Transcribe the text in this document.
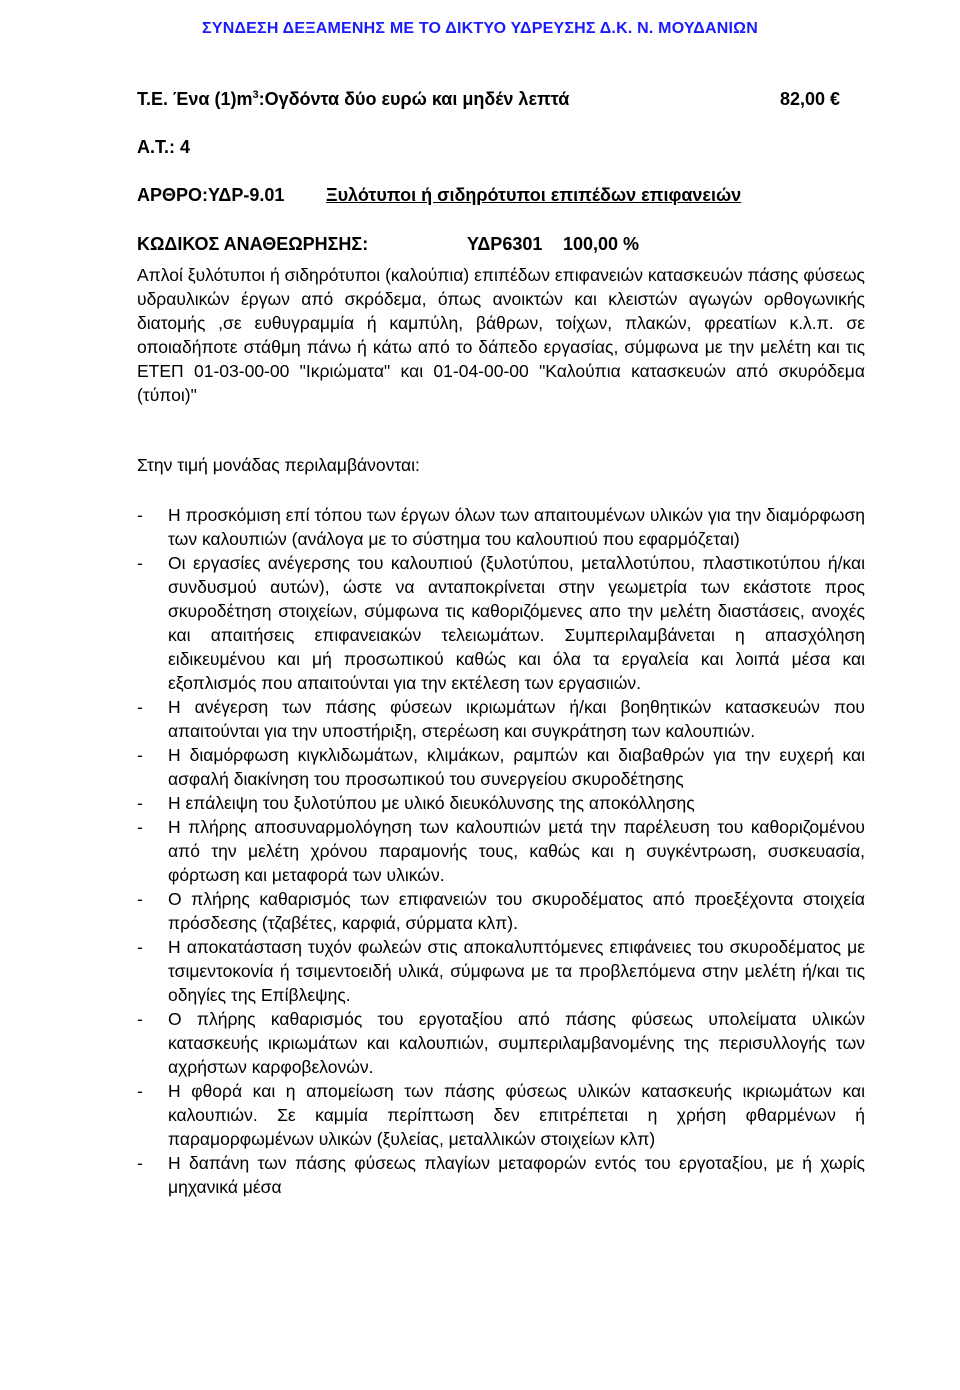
ΣΥΝΔΕΣΗ ΔΕΞΑΜΕΝΗΣ ΜΕ ΤΟ ΔΙΚΤΥΟ ΥΔΡΕΥΣΗΣ Δ.Κ. Ν. ΜΟΥΔΑΝΙΩΝ
Τ.Ε. Ένα $(1)m^3:O\gamma\delta ό\nu\tau\alpha$ δύο ευρώ και μηδέν λεπτά	82,00 €
Α.Τ.: 4
ΑΡΘΡΟ:ΥΔΡ-9.01 Ξυλότυποι ή σιδηρότυποι επιπέδων επιφανειών
ΚΩΔΙΚΟΣ ΑΝΑΘΕΩΡΗΣΗΣ:	ΥΔΡ6301 100,00 %
Απλοί ξυλότυποι ή σιδηρότυποι (καλούπια) επιπέδων επιφανειών κατασκευών πάσης φύσεως υδραυλικών έργων από σκρόδεμα, όπως ανοικτών και κλειστών αγωγών ορθογωνικής διατομής ,σε ευθυγραμμία ή καμπύλη, βάθρων, τοίχων, πλακών, φρεατίων κ.λ.π. σε οποιαδήποτε στάθμη πάνω ή κάτω από το δάπεδο εργασίας, σύμφωνα με την μελέτη και τις ΕΤΕΠ 01-03-00-00 "Ικριώματα" και 01-04-00-00 "Καλούπια κατασκευών από σκυρόδεμα (τύποι)"
Στην τιμή μονάδας περιλαμβάνονται:
- Η προσκόμιση επί τόπου των έργων όλων των απαιτουμένων υλικών για την διαμόρφωση των καλουπιών (ανάλογα με το σύστημα του καλουπιού που εφαρμόζεται)
- Οι εργασίες ανέγερσης του καλουπιού (ξυλοτύπου, μεταλλοτύπου, πλαστικοτύπου ή/και συνδυσμού αυτών), ώστε να ανταποκρίνεται στην γεωμετρία των εκάστοτε προς σκυροδέτηση στοιχείων, σύμφωνα τις καθοριζόμενες απο την μελέτη διαστάσεις, ανοχές και απαιτήσεις επιφανειακών τελειωμάτων. Συμπεριλαμβάνεται η απασχόληση ειδικευμένου και μή προσωπικού καθώς και όλα τα εργαλεία και λοιπά μέσα και εξοπλισμός που απαιτούνται για την εκτέλεση των εργασιιών.
- Η ανέγερση των πάσης φύσεων ικριωμάτων ή/και βοηθητικών κατασκευών που απαιτούνται για την υποστήριξη, στερέωση και συγκράτηση των καλουπιών.
- Η διαμόρφωση κιγκλιδωμάτων, κλιμάκων, ραμπών και διαβαθρών για την ευχερή και ασφαλή διακίνηση του προσωπικού του συνεργείου σκυροδέτησης
- Η επάλειψη του ξυλοτύπου με υλικό διευκόλυνσης της αποκόλλησης
- Η πλήρης αποσυναρμολόγηση των καλουπιών μετά την παρέλευση του καθοριζομένου από την μελέτη χρόνου παραμονής τους, καθώς και η συγκέντρωση, συσκευασία, φόρτωση και μεταφορά των υλικών.
- Ο πλήρης καθαρισμός των επιφανειών του σκυροδέματος από προεξέχοντα στοιχεία πρόσδεσης (τζαβέτες, καρφιά, σύρματα κλπ).
- Η αποκατάσταση τυχόν φωλεών στις αποκαλυπτόμενες επιφάνειες του σκυροδέματος με τσιμεντοκονία ή τσιμεντοειδή υλικά, σύμφωνα με τα προβλεπόμενα στην μελέτη ή/και τις οδηγίες της Επίβλεψης.
- Ο πλήρης καθαρισμός του εργοταξίου από πάσης φύσεως υπολείματα υλικών κατασκευής ικριωμάτων και καλουπιών, συμπεριλαμβανομένης της περισυλλογής των αχρήστων καρφοβελονών.
- Η φθορά και η απομείωση των πάσης φύσεως υλικών κατασκευής ικριωμάτων και καλουπιών. Σε καμμία περίπτωση δεν επιτρέπεται η χρήση φθαρμένων ή παραμορφωμένων υλικών (ξυλείας, μεταλλικών στοιχείων κλπ)
- Η δαπάνη των πάσης φύσεως πλαγίων μεταφορών εντός του εργοταξίου, με ή χωρίς μηχανικά μέσα
